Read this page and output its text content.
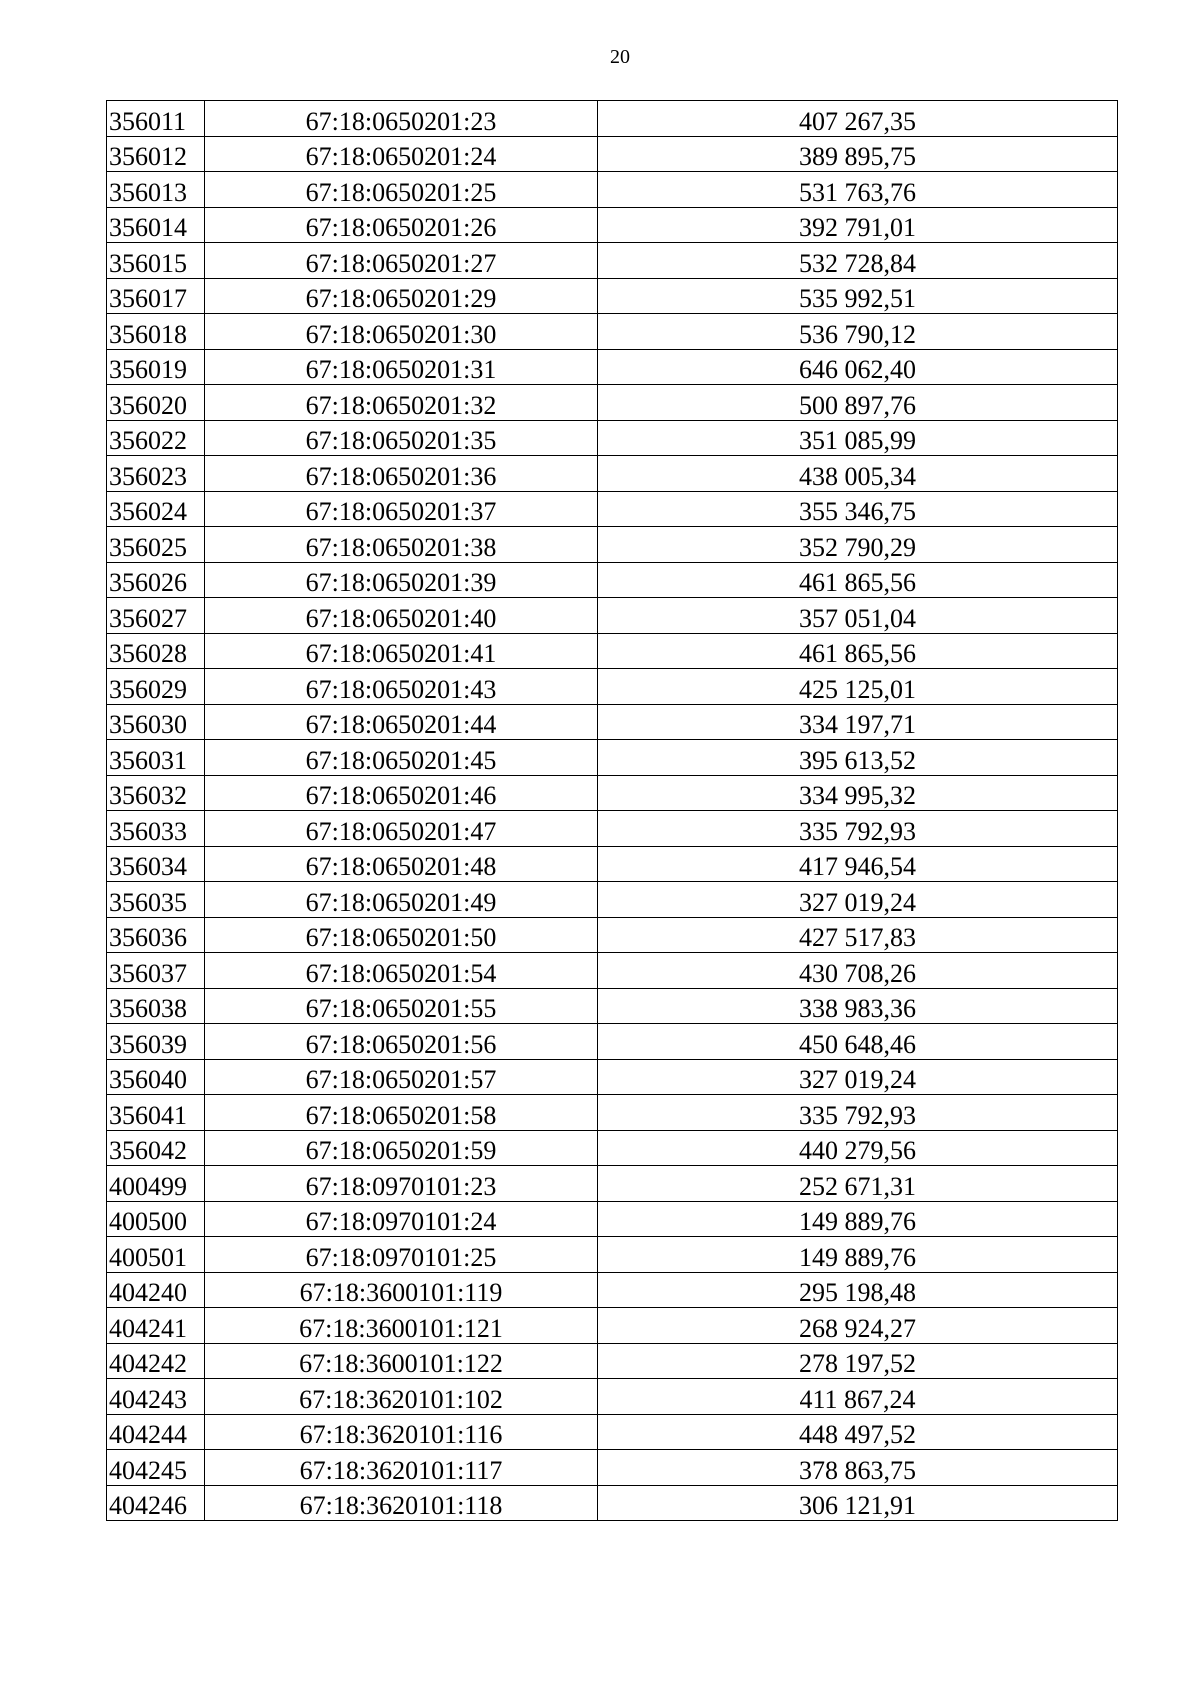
20
356011	67:18:0650201:23	407 267,35
356012	67:18:0650201:24	389 895,75
356013	67:18:0650201:25	531 763,76
356014	67:18:0650201:26	392 791,01
356015	67:18:0650201:27	532 728,84
356017	67:18:0650201:29	535 992,51
356018	67:18:0650201:30	536 790,12
356019	67:18:0650201:31	646 062,40
356020	67:18:0650201:32	500 897,76
356022	67:18:0650201:35	351 085,99
356023	67:18:0650201:36	438 005,34
356024	67:18:0650201:37	355 346,75
356025	67:18:0650201:38	352 790,29
356026	67:18:0650201:39	461 865,56
356027	67:18:0650201:40	357 051,04
356028	67:18:0650201:41	461 865,56
356029	67:18:0650201:43	425 125,01
356030	67:18:0650201:44	334 197,71
356031	67:18:0650201:45	395 613,52
356032	67:18:0650201:46	334 995,32
356033	67:18:0650201:47	335 792,93
356034	67:18:0650201:48	417 946,54
356035	67:18:0650201:49	327 019,24
356036	67:18:0650201:50	427 517,83
356037	67:18:0650201:54	430 708,26
356038	67:18:0650201:55	338 983,36
356039	67:18:0650201:56	450 648,46
356040	67:18:0650201:57	327 019,24
356041	67:18:0650201:58	335 792,93
356042	67:18:0650201:59	440 279,56
400499	67:18:0970101:23	252 671,31
400500	67:18:0970101:24	149 889,76
400501	67:18:0970101:25	149 889,76
404240	67:18:3600101:119	295 198,48
404241	67:18:3600101:121	268 924,27
404242	67:18:3600101:122	278 197,52
404243	67:18:3620101:102	411 867,24
404244	67:18:3620101:116	448 497,52
404245	67:18:3620101:117	378 863,75
404246	67:18:3620101:118	306 121,91
